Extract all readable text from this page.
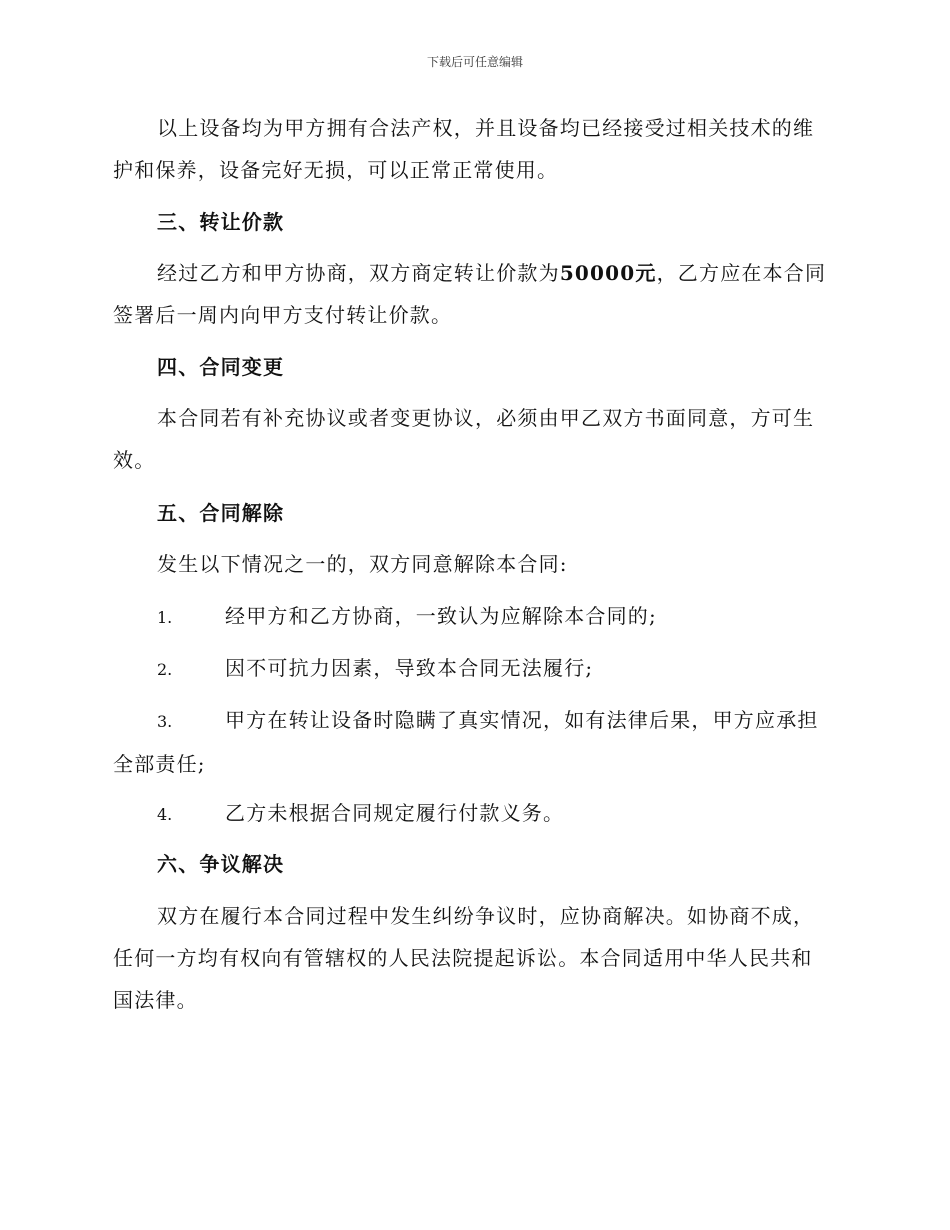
下载后可任意编辑

以上设备均为甲方拥有合法产权，并且设备均已经接受过相关技术的维护和保养，设备完好无损，可以正常正常使用。

三、转让价款

经过乙方和甲方协商，双方商定转让价款为50000元，乙方应在本合同签署后一周内向甲方支付转让价款。

四、合同变更

本合同若有补充协议或者变更协议，必须由甲乙双方书面同意，方可生效。

五、合同解除

发生以下情况之一的，双方同意解除本合同:

1.	经甲方和乙方协商，一致认为应解除本合同的;

2.	因不可抗力因素，导致本合同无法履行;

3.	甲方在转让设备时隐瞒了真实情况，如有法律后果，甲方应承担全部责任;

4.	乙方未根据合同规定履行付款义务。

六、争议解决

双方在履行本合同过程中发生纠纷争议时，应协商解决。如协商不成，任何一方均有权向有管辖权的人民法院提起诉讼。本合同适用中华人民共和国法律。
